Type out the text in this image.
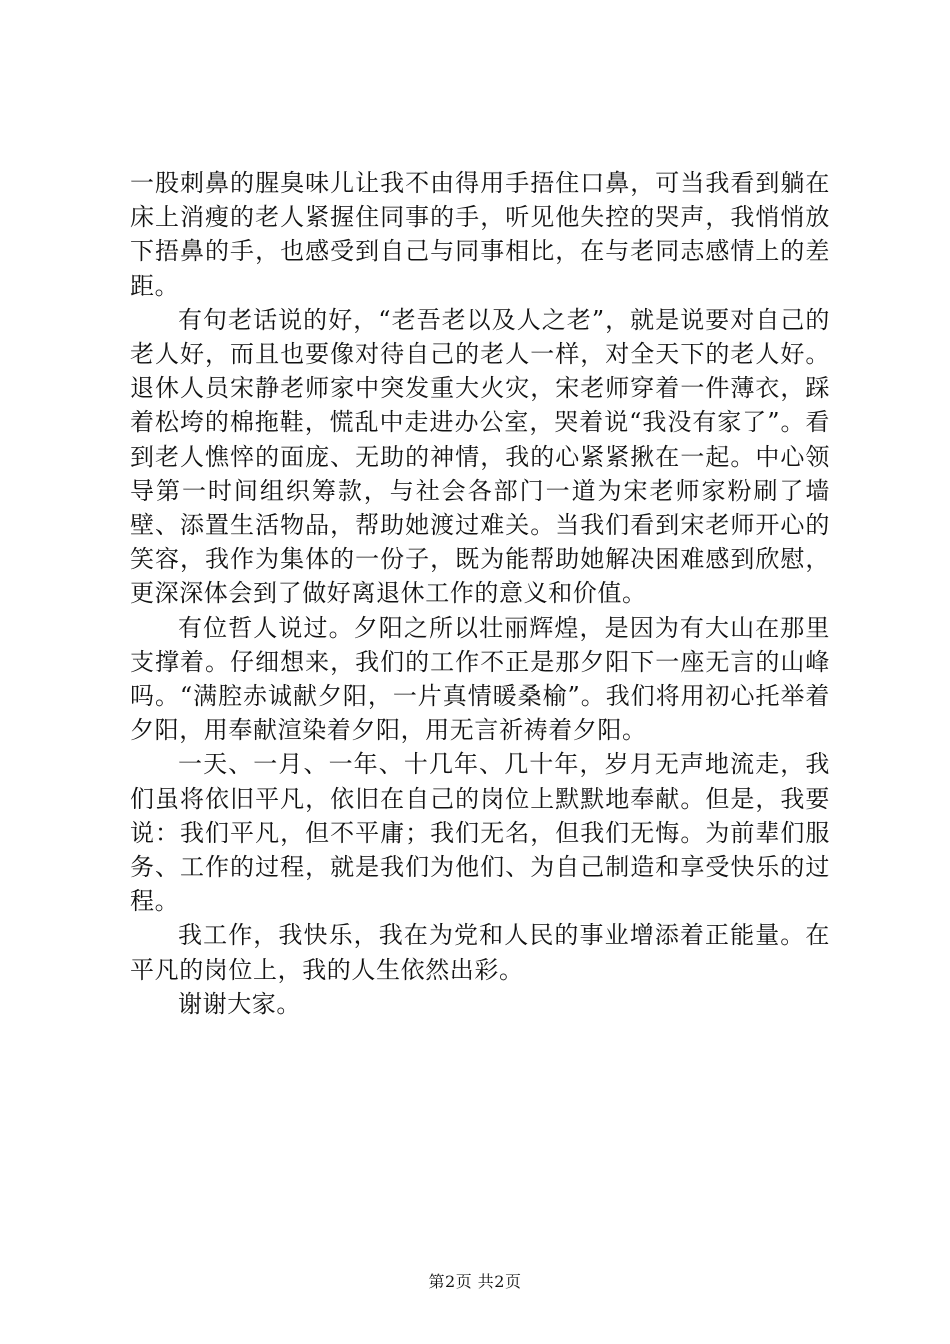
一股刺鼻的腥臭味儿让我不由得用手捂住口鼻，可当我看到躺在床上消瘦的老人紧握住同事的手，听见他失控的哭声，我悄悄放下捂鼻的手，也感受到自己与同事相比，在与老同志感情上的差距。

有句老话说的好，“老吾老以及人之老”，就是说要对自己的老人好，而且也要像对待自己的老人一样，对全天下的老人好。退休人员宋静老师家中突发重大火灾，宋老师穿着一件薄衣，踩着松垮的棉拖鞋，慌乱中走进办公室，哭着说“我没有家了”。看到老人憔悴的面庞、无助的神情，我的心紧紧揪在一起。中心领导第一时间组织筹款，与社会各部门一道为宋老师家粉刷了墙壁、添置生活物品，帮助她渡过难关。当我们看到宋老师开心的笑容，我作为集体的一份子，既为能帮助她解决困难感到欣慰，更深深体会到了做好离退休工作的意义和价值。

有位哲人说过。夕阳之所以壮丽辉煌，是因为有大山在那里支撑着。仔细想来，我们的工作不正是那夕阳下一座无言的山峰吗。“满腔赤诚献夕阳，一片真情暖桑榆”。我们将用初心托举着夕阳，用奉献渲染着夕阳，用无言祈祷着夕阳。

一天、一月、一年、十几年、几十年，岁月无声地流走，我们虽将依旧平凡，依旧在自己的岗位上默默地奉献。但是，我要说：我们平凡，但不平庸；我们无名，但我们无悔。为前辈们服务、工作的过程，就是我们为他们、为自己制造和享受快乐的过程。

我工作，我快乐，我在为党和人民的事业增添着正能量。在平凡的岗位上，我的人生依然出彩。

谢谢大家。

第2页 共2页
